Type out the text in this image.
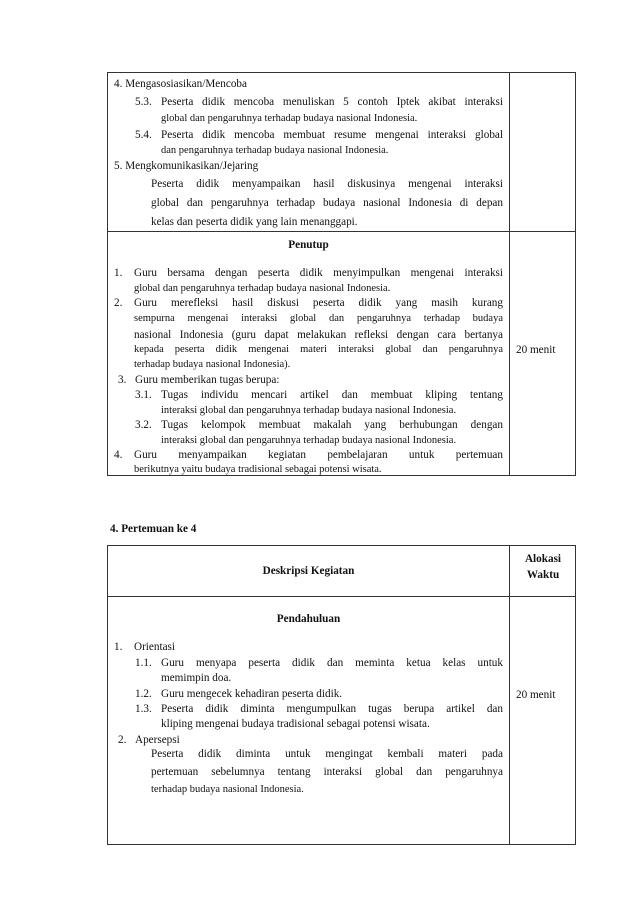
4. Mengasosiasikan/Mencoba
5.3. Peserta didik mencoba menuliskan 5 contoh Iptek akibat interaksi
global dan pengaruhnya terhadap budaya nasional Indonesia.
5.4. Peserta didik mencoba membuat resume mengenai interaksi global
dan pengaruhnya terhadap budaya nasional Indonesia.
5. Mengkomunikasikan/Jejaring
Peserta didik menyampaikan hasil diskusinya mengenai interaksi
global dan pengaruhnya terhadap budaya nasional Indonesia di depan
kelas dan peserta didik yang lain menanggapi.
Penutup
1. Guru bersama dengan peserta didik menyimpulkan mengenai interaksi
global dan pengaruhnya terhadap budaya nasional Indonesia.
2. Guru merefleksi hasil diskusi peserta didik yang masih kurang
sempurna mengenai interaksi global dan pengaruhnya terhadap budaya
nasional Indonesia (guru dapat melakukan refleksi dengan cara bertanya
kepada peserta didik mengenai materi interaksi global dan pengaruhnya
terhadap budaya nasional Indonesia).
3. Guru memberikan tugas berupa:
3.1. Tugas individu mencari artikel dan membuat kliping tentang
interaksi global dan pengaruhnya terhadap budaya nasional Indonesia.
3.2. Tugas kelompok membuat makalah yang berhubungan dengan
interaksi global dan pengaruhnya terhadap budaya nasional Indonesia.
4. Guru menyampaikan kegiatan pembelajaran untuk pertemuan
berikutnya yaitu budaya tradisional sebagai potensi wisata.
20 menit
4. Pertemuan ke 4
Deskripsi Kegiatan
Alokasi
Waktu
Pendahuluan
1. Orientasi
1.1. Guru menyapa peserta didik dan meminta ketua kelas untuk
memimpin doa.
1.2. Guru mengecek kehadiran peserta didik.
1.3. Peserta didik diminta mengumpulkan tugas berupa artikel dan
kliping mengenai budaya tradisional sebagai potensi wisata.
2. Apersepsi
Peserta didik diminta untuk mengingat kembali materi pada
pertemuan sebelumnya tentang interaksi global dan pengaruhnya
terhadap budaya nasional Indonesia.
20 menit
